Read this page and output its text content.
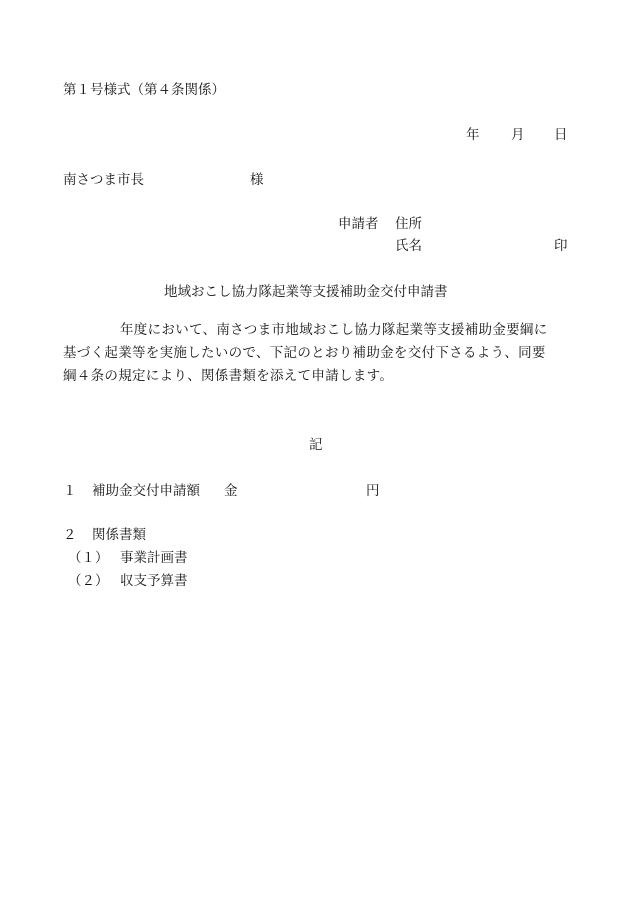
第１号様式（第４条関係）
年 月 日
南さつま市長	様
申請者 住所
氏名	印
地域おこし協力隊起業等支援補助金交付申請書
年度において、南さつま市地域おこし協力隊起業等支援補助金要綱に
基づく起業等を実施したいので、下記のとおり補助金を交付下さるよう、同要
綱４条の規定により、関係書類を添えて申請します。
記
１ 補助金交付申請額 金	円
２ 関係書類
（１） 事業計画書
（２） 収支予算書
